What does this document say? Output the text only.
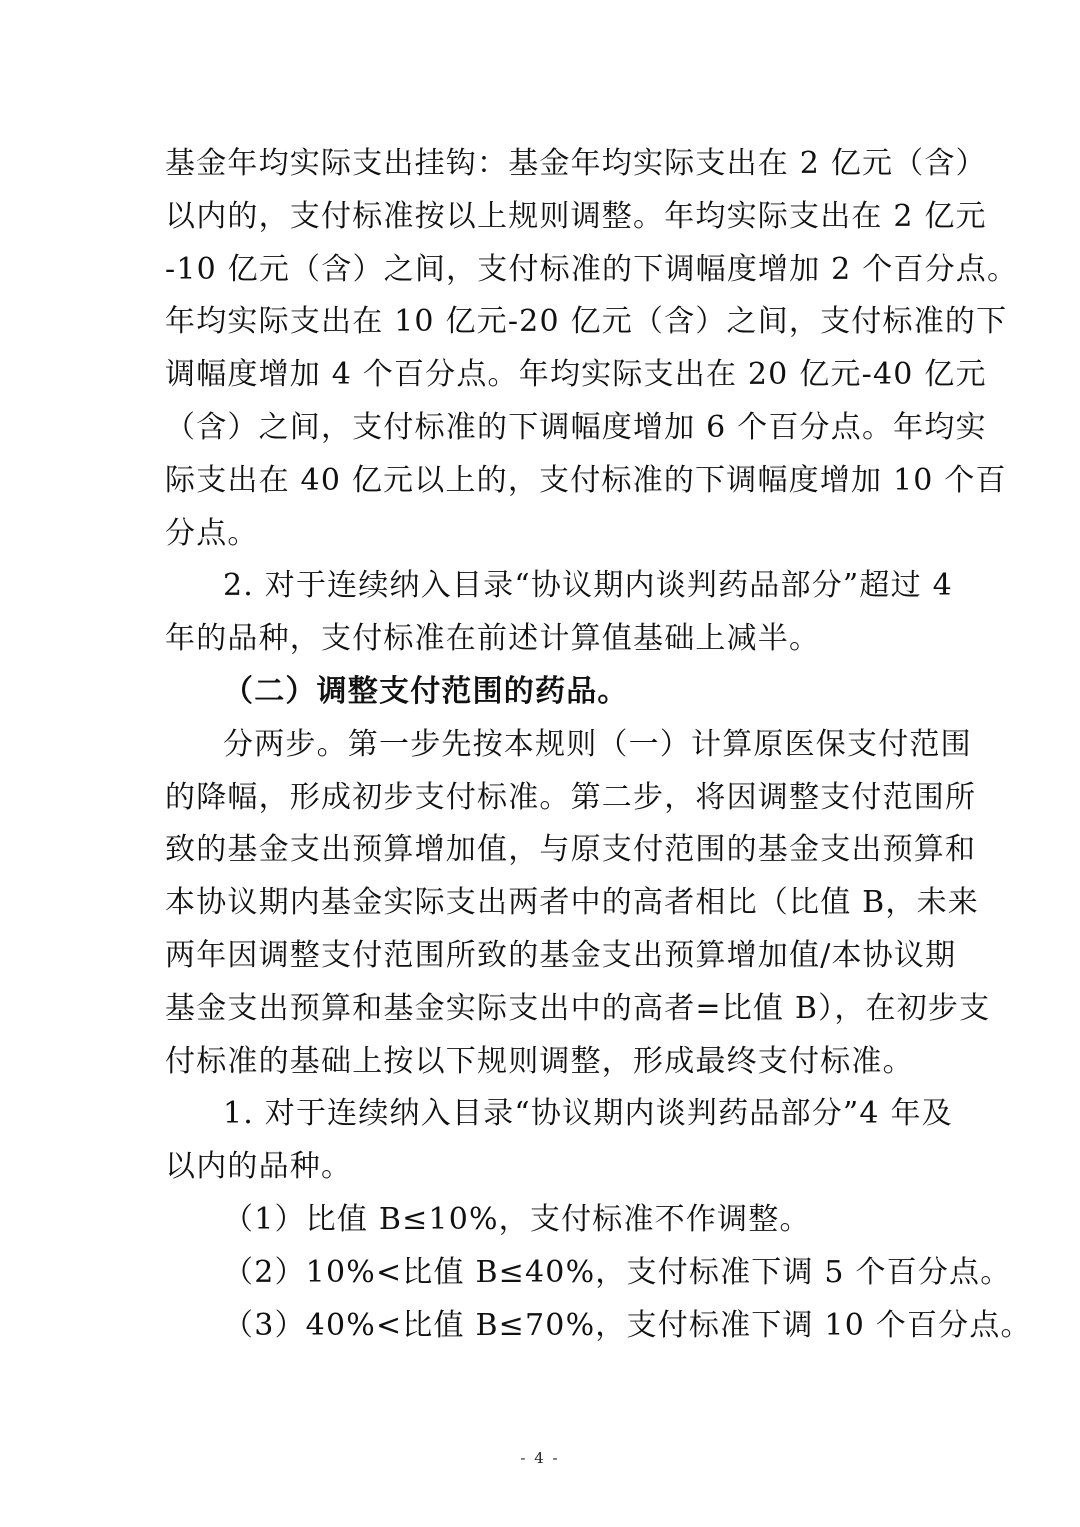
基金年均实际支出挂钩：基金年均实际支出在 2 亿元（含）
以内的，支付标准按以上规则调整。年均实际支出在 2 亿元
-10 亿元（含）之间，支付标准的下调幅度增加 2 个百分点。
年均实际支出在 10 亿元-20 亿元（含）之间，支付标准的下
调幅度增加 4 个百分点。年均实际支出在 20 亿元-40 亿元
（含）之间，支付标准的下调幅度增加 6 个百分点。年均实
际支出在 40 亿元以上的，支付标准的下调幅度增加 10 个百
分点。
2. 对于连续纳入目录“协议期内谈判药品部分”超过 4
年的品种，支付标准在前述计算值基础上减半。
（二）调整支付范围的药品。
分两步。第一步先按本规则（一）计算原医保支付范围
的降幅，形成初步支付标准。第二步，将因调整支付范围所
致的基金支出预算增加值，与原支付范围的基金支出预算和
本协议期内基金实际支出两者中的高者相比（比值 B，未来
两年因调整支付范围所致的基金支出预算增加值/本协议期
基金支出预算和基金实际支出中的高者=比值 B），在初步支
付标准的基础上按以下规则调整，形成最终支付标准。
1. 对于连续纳入目录“协议期内谈判药品部分”4 年及
以内的品种。
（1）比值 B≤10%，支付标准不作调整。
（2）10%<比值 B≤40%，支付标准下调 5 个百分点。
（3）40%<比值 B≤70%，支付标准下调 10 个百分点。
- 4 -
